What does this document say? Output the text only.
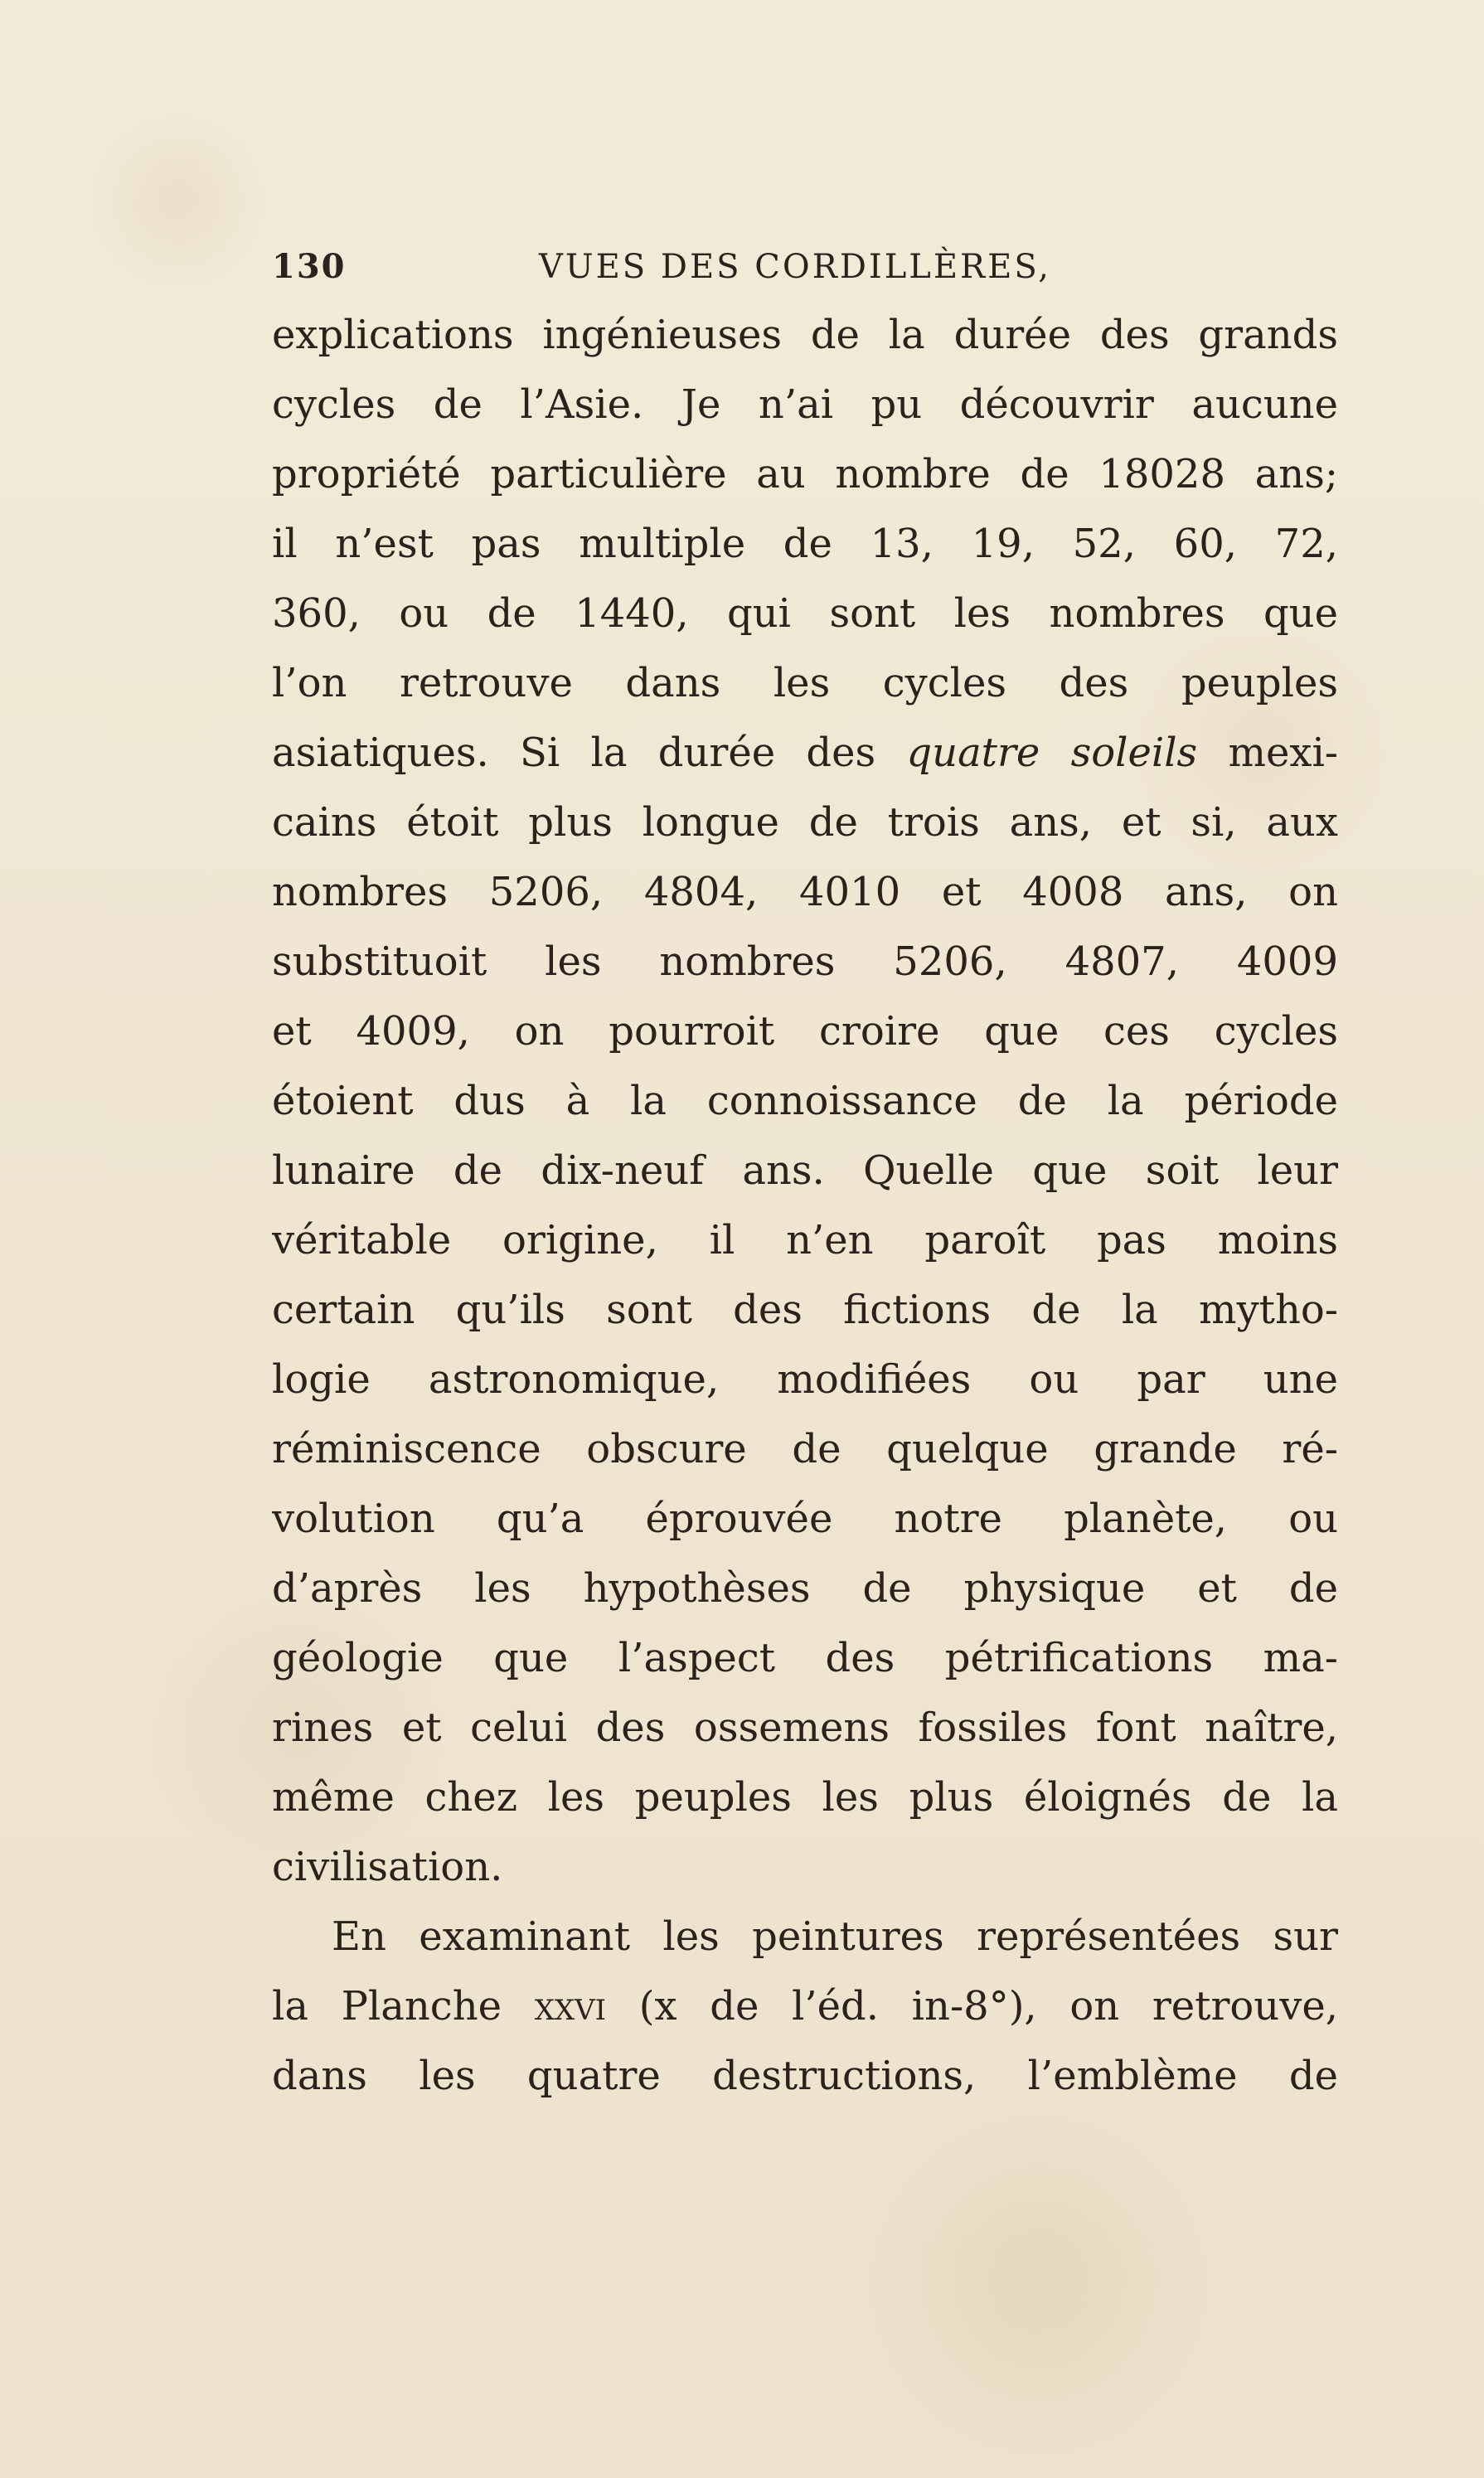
130	VUES DES CORDILLÈRES,
explications ingénieuses de la durée des grands
cycles de l’Asie. Je n’ai pu découvrir aucune
propriété particulière au nombre de 18028 ans;
il n’est pas multiple de 13, 19, 52, 60, 72,
360, ou de 1440, qui sont les nombres que
l’on retrouve dans les cycles des peuples
asiatiques. Si la durée des quatre soleils mexi-
cains étoit plus longue de trois ans, et si, aux
nombres 5206, 4804, 4010 et 4008 ans, on
substituoit les nombres 5206, 4807, 4009
et 4009, on pourroit croire que ces cycles
étoient dus à la connoissance de la période
lunaire de dix-neuf ans. Quelle que soit leur
véritable origine, il n’en paroît pas moins
certain qu’ils sont des fictions de la mytho-
logie astronomique, modifiées ou par une
réminiscence obscure de quelque grande ré-
volution qu’a éprouvée notre planète, ou
d’après les hypothèses de physique et de
géologie que l’aspect des pétrifications ma-
rines et celui des ossemens fossiles font naître,
même chez les peuples les plus éloignés de la
civilisation.
En examinant les peintures représentées sur
la Planche xxvi (x de l’éd. in-8°), on retrouve,
dans les quatre destructions, l’emblème de
